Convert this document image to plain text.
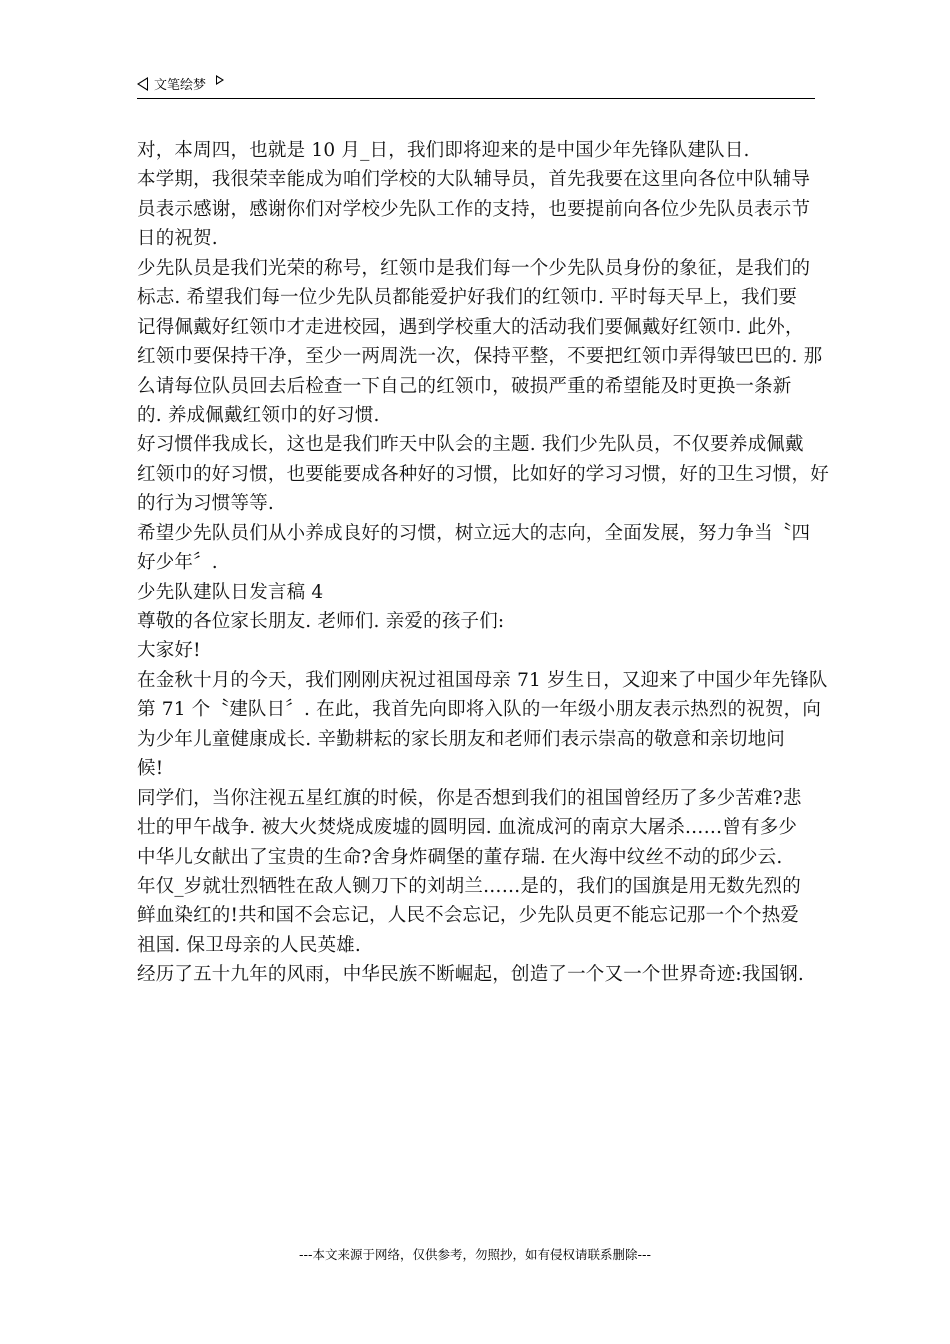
文笔绘梦
对，本周四，也就是 10 月_日，我们即将迎来的是中国少年先锋队建队日.
本学期，我很荣幸能成为咱们学校的大队辅导员，首先我要在这里向各位中队辅导
员表示感谢，感谢你们对学校少先队工作的支持，也要提前向各位少先队员表示节
日的祝贺.
少先队员是我们光荣的称号，红领巾是我们每一个少先队员身份的象征，是我们的
标志. 希望我们每一位少先队员都能爱护好我们的红领巾. 平时每天早上，我们要
记得佩戴好红领巾才走进校园，遇到学校重大的活动我们要佩戴好红领巾. 此外，
红领巾要保持干净，至少一两周洗一次，保持平整，不要把红领巾弄得皱巴巴的. 那
么请每位队员回去后检查一下自己的红领巾，破损严重的希望能及时更换一条新
的. 养成佩戴红领巾的好习惯.
好习惯伴我成长，这也是我们昨天中队会的主题. 我们少先队员，不仅要养成佩戴
红领巾的好习惯，也要能要成各种好的习惯，比如好的学习习惯，好的卫生习惯，好
的行为习惯等等.
希望少先队员们从小养成良好的习惯，树立远大的志向，全面发展，努力争当〝四
好少年〞.
少先队建队日发言稿 4
尊敬的各位家长朋友. 老师们. 亲爱的孩子们:
大家好!
在金秋十月的今天，我们刚刚庆祝过祖国母亲 71 岁生日，又迎来了中国少年先锋队
第 71 个〝建队日〞. 在此，我首先向即将入队的一年级小朋友表示热烈的祝贺，向
为少年儿童健康成长. 辛勤耕耘的家长朋友和老师们表示崇高的敬意和亲切地问
候!
同学们，当你注视五星红旗的时候，你是否想到我们的祖国曾经历了多少苦难?悲
壮的甲午战争. 被大火焚烧成废墟的圆明园. 血流成河的南京大屠杀……曾有多少
中华儿女献出了宝贵的生命?舍身炸碉堡的董存瑞. 在火海中纹丝不动的邱少云.
年仅_岁就壮烈牺牲在敌人铡刀下的刘胡兰……是的，我们的国旗是用无数先烈的
鲜血染红的!共和国不会忘记，人民不会忘记，少先队员更不能忘记那一个个热爱
祖国. 保卫母亲的人民英雄.
经历了五十九年的风雨，中华民族不断崛起，创造了一个又一个世界奇迹:我国钢.
---本文来源于网络，仅供参考，勿照抄，如有侵权请联系删除---
